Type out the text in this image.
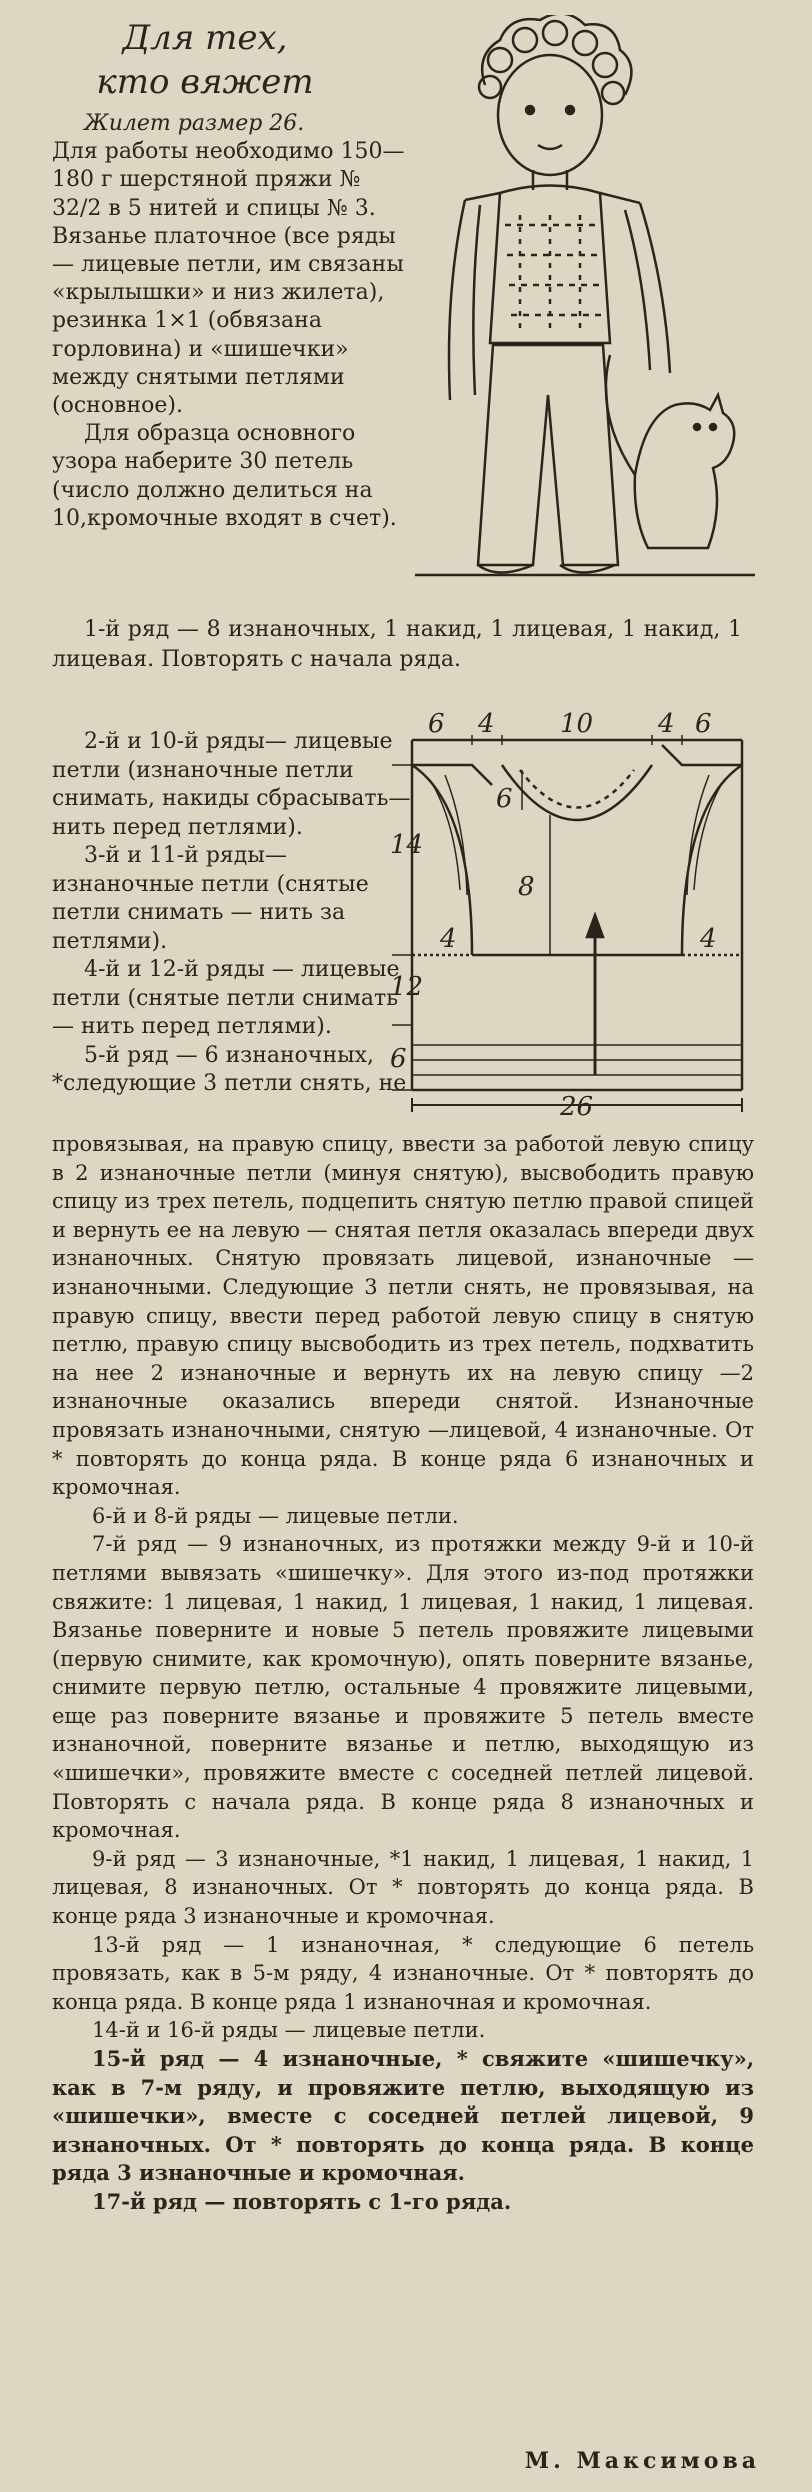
Для тех,
кто вяжет

Жилет размер 26.

Для работы необходимо 150—180 г шерстяной пряжи № 32/2 в 5 нитей и спицы № 3. Вязанье платочное (все ряды — лицевые петли, им связаны «крылышки» и низ жилета), резинка 1×1 (обвязана горловина) и «шишечки» между снятыми петлями (основное).

Для образца основного узора наберите 30 петель (число должно делиться на 10,кромочные входят в счет).

1-й ряд — 8 изнаночных, 1 накид, 1 лицевая, 1 накид, 1 лицевая. Повторять с начала ряда.

2-й и 10-й ряды— лицевые петли (изнаночные петли снимать, накиды сбрасывать—нить перед петлями).

3-й и 11-й ряды—изнаночные петли (снятые петли снимать — нить за петлями).

4-й и 12-й ряды — лицевые петли (снятые петли снимать — нить перед петлями).

5-й ряд — 6 изнаночных, *следующие 3 петли снять, не

6 4	10 4 6
6
14
8
4	4
12
6
26

провязывая, на правую спицу, ввести за работой левую спицу в 2 изнаночные петли (минуя снятую), высвободить правую спицу из трех петель, подцепить снятую петлю правой спицей и вернуть ее на левую — снятая петля оказалась впереди двух изнаночных. Снятую провязать лицевой, изнаночные — изнаночными. Следующие 3 петли снять, не провязывая, на правую спицу, ввести перед работой левую спицу в снятую петлю, правую спицу высвободить из трех петель, подхватить на нее 2 изнаночные и вернуть их на левую спицу —2 изнаночные оказались впереди снятой. Изнаночные провязать изнаночными, снятую —лицевой, 4 изнаночные. От * повторять до конца ряда. В конце ряда 6 изнаночных и кромочная.

6-й и 8-й ряды — лицевые петли.

7-й ряд — 9 изнаночных, из протяжки между 9-й и 10-й петлями вывязать «шишечку». Для этого из-под протяжки свяжите: 1 лицевая, 1 накид, 1 лицевая, 1 накид, 1 лицевая. Вязанье поверните и новые 5 петель провяжите лицевыми (первую снимите, как кромочную), опять поверните вязанье, снимите первую петлю, остальные 4 провяжите лицевыми, еще раз поверните вязанье и провяжите 5 петель вместе изнаночной, поверните вязанье и петлю, выходящую из «шишечки», провяжите вместе с соседней петлей лицевой. Повторять с начала ряда. В конце ряда 8 изнаночных и кромочная.

9-й ряд — 3 изнаночные, *1 накид, 1 лицевая, 1 накид, 1 лицевая, 8 изнаночных. От * повторять до конца ряда. В конце ряда 3 изнаночные и кромочная.

13-й ряд — 1 изнаночная, * следующие 6 петель провязать, как в 5-м ряду, 4 изнаночные. От * повторять до конца ряда. В конце ряда 1 изнаночная и кромочная.

14-й и 16-й ряды — лицевые петли.

15-й ряд — 4 изнаночные, * свяжите «шишечку», как в 7-м ряду, и провяжите петлю, выходящую из «шишечки», вместе с соседней петлей лицевой, 9 изнаночных. От * повторять до конца ряда. В конце ряда 3 изнаночные и кромочная.

17-й ряд — повторять с 1-го ряда.

М. Максимова
